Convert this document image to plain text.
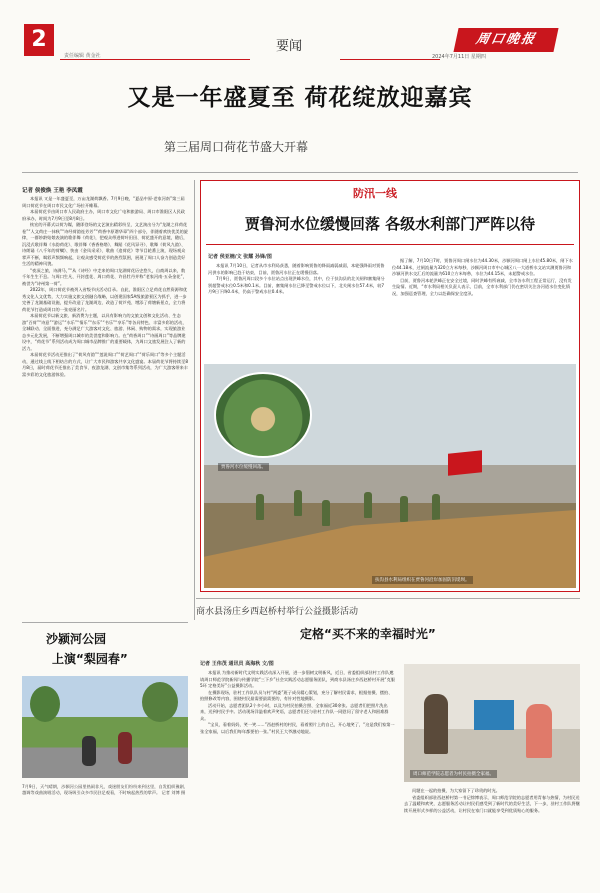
2
责任编辑 黄金社
要闻	周口晚报
2024年7月11日 星期四
又是一年盛夏至 荷花绽放迎嘉宾
第三届周口荷花节盛大开幕
记者 侯俊焕 王艳 李凤霞

本报讯 又是一年盛夏至，万亩龙湖荷飘香。7月9日晚，“夏品中原·老家河南”第三届周口荷花节在周口市民文化广场拉开帷幕。

本届荷花节由周口市人民政府主办，周口市文化广电和旅游局、周口市淮阳区人民政府承办，时间为7月9日至8月8日。

恢宏的开幕式以荷为媒，随即登场的文艺演出精彩纷呈，文艺演出分为“龙湖之祥荷花卷”“人文荷庄一抹秋”“诗经荷韵连芳芳”“荷香中原谱华章”四个部分，伴随着欢快优美的旋律，一群妙龄姑娘表演的歌伴舞《荷花》，把观众带进荷叶田田、荷花盛开的意境，随后，沉浸式歌伴舞《水韵荷花》、歌伴舞《香香格塔》、舞蹈《花风异寻》、歌舞《荷风九韵》、诗朗诵《八千年的荷嘱》、快由《金凤采采》、歌曲《追荷花》等节目轮番上演，现场观众掌声不断，喝彩声频频响起，让观众感受荷花节的热烈氛围，展现了周口人奋力创造美好生活的精神风貌。

“夜深之旅，诗满马，”“从《诗经》中走来的周口龙湖荷花历史悠久，自商周以来，数千年生生不息。与周口生凡、开封莲花、周口荷花、许昌牡丹并称“老家河南·五朵金花”，被誉为“诗州第一荷”。

2022年，周口荷花节被列入省级节庆活动目录。自此，淮阳区立足荷花自然资源和优秀文化人文优势，大力实施文旅文创融合战略，以创建国家5A级旅游景区为抓手，进一步完善了龙湖基础设施，提升改造了龙湖周边、改造了荷芦苑、增添了荷塘新景点，全力将荷花节打造成周口的一张亮丽名片。

本届荷花节以新文旅、新消费为主题，以具有影响力的文旅文创和文化活动、生态游“百荷”“诗意”“游运”“水乐”“情乐”“东乐”“书乐”“享乐”等各具特色、丰富多彩的活动，全城联动、全面推进，充分满足广大游客对文化、旅游、休闲、购物的需求，实现旅游业态多元化发展，不断增强周口城市的美誉度和影响力。在“荷香周口”“诗画周口”等品牌建设中，“荷花节”系列活动成为周口城市品牌推广的重要载体，为周口文旅发展注入了新的活力。

本届荷花节活动还推出了“荷风有韵”“莲说周口”“荷艺周口”“荷乐周口”等多个主题活动，通过线上线下相结合的方式，让广大市民和游客共享文化盛宴。本届荷花节将持续至8月8日，届时荷花节还推出了美食节、夜游龙湖、文创市集等系列活动，为广大游客带来丰富多彩的文化旅游体验。

防汛一线
贾鲁河水位缓慢回落 各级水利部门严阵以待
记者 侯亚楠/文 张耀 孙锋/图

本报讯 7月10日，记者从市水利局获悉，随着影响贾鲁的降雨减弱减弱，本轮强降雨对贾鲁河供水的影响已趋于结束，目前，贾鲁河水位正在缓慢回落。

7月9日，贾鲁河周口段多个水位站点出现洪峰水位，其中，位于扶沟县的北关闸和寨集闸分别超警戒水位0.5米和0.1米。目前，寨集闸水位已降至警戒水位以下，北关闸水位57.4米，较7月9日下降0.4米，仍高于警戒水位0.4米。

据了解，7月10日7时，贾鲁河周口闸水位为44.30米，沙颍河周口闸上水位45.80米，闸下水位44.18米，过闸流量为320立方米每秒，沙颍河周口市中心城区八一大道桥水文站实测贾鲁河和沙颍河供水交汇后的流量为610立方米每秒，水位为44.15米，未超警戒水位。

目前，贾鲁河本轮洪峰正在安全过境，同时洪峰有所衰减，全市各水利工程正常运行，没有发生险情。近期，“市水利局相关负责人表示，目前，全市水利部门仍在密切关注各河道水位变化情况，加强巡查管理，全力以赴确保安全度汛。

贾鲁河水位缓慢回落。
扶沟县水利局组织在贾鲁河沿岸加固防汛堤坝。
商水县汤庄乡西赵桥村举行公益摄影活动
定格“买不来的幸福时光”
记者 王伟茂 通讯员 高海秋 文/图

本报讯 为推动新时代文明实践活动深入开展，进一步倡树文明新风，近日，省委组织部驻村工作队邀请周口师范学院新闻与传播学院“三下乡”社会实践活动志愿服务团队，到商水县汤庄乡西赵桥村开展“克服5环 定格美好”公益摄影活动。

在摄影现场，驻村工作队队员与村“两委”班子成员精心策划，充分了解村民需求，根据拍摄、摆拍、拍照修改等内容，围绕村民最需要最需要的，有针对性地摄影。

活动开始，志愿者团队2个多小时，以及为村民拍摄合照、全家福近30余张。志愿者们把照片洗出来，送到村民手中。活动现场洋溢着欢声笑语，志愿者们还与驻村工作队一同慰问了留守老人和困难群众。

“宝贝，看着妈妈，笑一笑……”西赵桥村的村民，看着照片上的自己，开心地笑了，“这是我们家第一张全家福，以后我们每年都要拍一张。”村民王大爷激动地说。

周口师范学院志愿者为村民拍摄全家福。

问题在一起的拍摄，为大家留下了珍贵的时光。

省委组织部驻西赵桥村第一书记徐博表示，周口师范学院的志愿者用青春与热情，为村民送去了温暖和欢笑，志愿服务活动让村民们感受到了新时代的美好生活，下一步，驻村工作队将继续开展形式多样的公益活动，让村民在家门口就能享受到优质贴心的服务。

沙颍河公园
上演“梨园春”
7月9日，天气晴朗，沙颍河公园里热闹非凡，戏迷朋友们纷纷来到这里，自发组织豫剧、越调等戏曲演唱活动，现场吸引众多市民驻足观看，不时响起热烈的掌声。 记者 刘博 摄
